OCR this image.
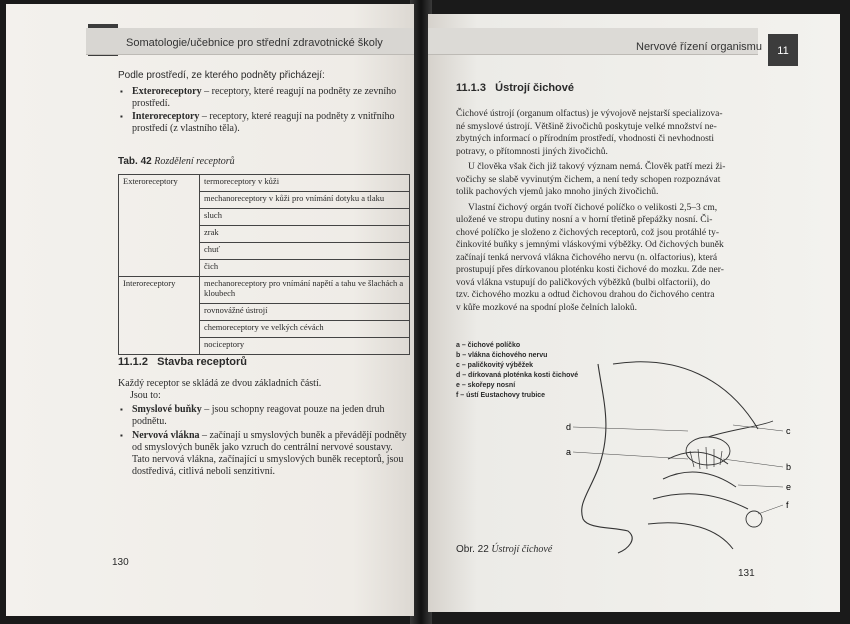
Somatologie/učebnice pro střední zdravotnické školy
Podle prostředí, ze kterého podněty přicházejí:
▪ Exteroreceptory – receptory, které reagují na podněty ze zevního
prostředí.
▪ Interoreceptory – receptory, které reagují na podněty z vnitřního
prostředí (z vlastního těla).
Tab. 42 Rozdělení receptorů
Exteroreceptory	termoreceptory v kůži
	mechanoreceptory v kůži pro vnímání dotyku a tlaku
	sluch
	zrak
	chuť
	čich
Interoreceptory	mechanoreceptory pro vnímání napětí a tahu ve šlachách a kloubech
	rovnovážné ústrojí
	chemoreceptory ve velkých cévách
	nociceptory
11.1.2 Stavba receptorů
Každý receptor se skládá ze dvou základních částí.
Jsou to:
▪ Smyslové buňky – jsou schopny reagovat pouze na jeden druh
podnětu.
▪ Nervová vlákna – začínají u smyslových buněk a převádějí podněty
od smyslových buněk jako vzruch do centrální nervové soustavy.
Tato nervová vlákna, začínající u smyslových buněk receptorů, jsou
dostředivá, citlivá neboli senzitivní.
130
Nervové řízení organismu	11
11.1.3 Ústrojí čichové
Čichové ústrojí (organum olfactus) je vývojově nejstarší specializova-
né smyslové ústrojí. Většině živočichů poskytuje velké množství ne-
zbytných informací o přírodním prostředí, vhodnosti či nevhodnosti
potravy, o přítomnosti jiných živočichů.
U člověka však čich již takový význam nemá. Člověk patří mezi ži-
vočichy se slabě vyvinutým čichem, a není tedy schopen rozpoznávat
tolik pachových vjemů jako mnoho jiných živočichů.
Vlastní čichový orgán tvoří čichové políčko o velikosti 2,5–3 cm,
uložené ve stropu dutiny nosní a v horní třetině přepážky nosní. Či-
chové políčko je složeno z čichových receptorů, což jsou protáhlé ty-
činkovité buňky s jemnými vláskovými výběžky. Od čichových buněk
začínají tenká nervová vlákna čichového nervu (n. olfactorius), která
prostupují přes dírkovanou ploténku kosti čichové do mozku. Zde ner-
vová vlákna vstupují do paličkových výběžků (bulbi olfactorii), do
tzv. čichového mozku a odtud čichovou drahou do čichového centra
v kůře mozkové na spodní ploše čelních laloků.
a – čichové políčko
b – vlákna čichového nervu
c – paličkovitý výběžek
d – dírkovaná ploténka kosti čichové
e – skořepy nosní
f – ústí Eustachovy trubice
d
a
c
b
e
f
Obr. 22 Ústrojí čichové
131
